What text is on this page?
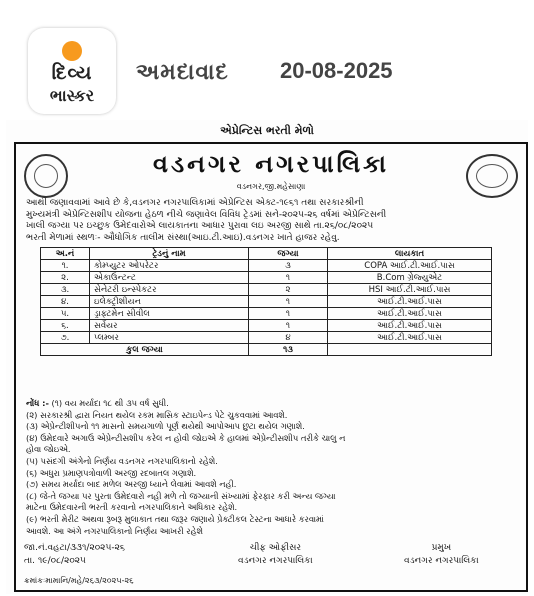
દિવ્ય
ભાસ્કર
અમદાવાદ 20-08-2025
એપ્રેન્ટિસ ભરતી મેળો
વડનગર નગરપાલિકા
વડનગર,જી.મહેસાણા

આથી જણાવવામાં આવે છે કે,વડનગર નગરપાલિકામાં એપ્રેન્ટિસ એક્ટ-૧૯૬૧ તથા સરકારશ્રીની

મુખ્યમંત્રી એપ્રેન્ટિસશીપ યોજના હેઠળ નીચે જણાવેલ વિવિધ ટ્રેડમાં સને-૨૦૨૫-૨૬ વર્ષમાં એપ્રેન્ટિસની

ખાલી જગ્યા પર ઇચ્છુક ઉમેદવારોએ લાયકાતના આધાર પુરાવા લઇ અરજી સાથે તા.૨૬/૦૮/૨૦૨૫

ભરતી મેળામાં સ્થળઃ- ઔધોગિક તાલીમ સંસ્થા(આઇ.ટી.આઇ).વડનગર ખાતે હાજર રહેવુ.

અ.નં	ટ્રેડનું નામ	જગ્યા	લાયકાત
૧.	કોમ્પ્યુટર ઓપરેટર	૩	COPA આઈ.ટી.આઈ.પાસ
૨.	એકાઉન્ટન્ટ	૧	B.Com ગ્રેજ્યુએટ
૩.	સેનેટરી ઇન્સ્પેકટર	૨	HSI આઈ.ટી.આઈ.પાસ
૪.	ઇલેક્ટ્રીશીયન	૧	આઈ.ટી.આઈ.પાસ
૫.	ડ્રાફ્ટમેન સીવીલ	૧	આઈ.ટી.આઈ.પાસ
૬.	સર્વેયર	૧	આઈ.ટી.આઈ.પાસ
૭.	પ્લમ્બર	૪	આઈ.ટી.આઈ.પાસ
કુલ જગ્યા		૧૩	
નોંધ :- (૧) વય મર્યાદા ૧૮ થી ૩૫ વર્ષ સુધી.
(૨) સરકારશ્રી દ્વારા નિયત થયેલ રકમ માસિક સ્ટાઇપેન્ડ પેટે ચુકવવામાં આવશે.
(૩) એપ્રેન્ટીશીપનો ૧૧ માસનો સમયગાળો પૂર્ણ થયેથી આપોઆપ છુટા થયેલ ગણાશે.
(૪) ઉમેદવારે અગાઉ એપ્રેન્ટીસશીપ કરેલ ન હોવી જોઇએ કે હાલમાં એપ્રેન્ટીસશીપ તરીકે ચાલુ ન
હોવા જોઇએ.
(૫) પસંદગી અંગેનો નિર્ણય વડનગર નગરપાલિકાનો રહેશે.
(૬) અધુરા પ્રમાણપત્રોવાળી અરજી રદબાતલ ગણાશે.
(૭) સમય મર્યાદા બાદ મળેલ અરજી ધ્યાને લેવામાં આવશે નહી.
(૮) જે-તે જગ્યા પર પુરતા ઉમેદવારો નહી મળે તો જગ્યાની સંખ્યામાં ફેરફાર કરી અન્ય જગ્યા
માટેના ઉમેદવારની ભરતી કરવાનો નગરપાલિકાને અધિકાર રહેશે.
(૯) ભરતી મેરીટ અથવા રૂબરૂ મુલાકાત તથા જરૂર જણાયે પ્રેક્ટીકલ ટેસ્ટના આધારે કરવામાં
આવશે. આ અંગે નગરપાલિકાનો નિર્ણય આખરી રહેશે
જા.નં.વહટા/૩૩૧/૨૦૨૫-૨૬
તા. ૧૯/૦૮/૨૦૨૫
ચીફ ઓફીસર
વડનગર નગરપાલિકા
પ્રમુખ
વડનગર નગરપાલિકા
ક્રમાંકઃમામાનિ/મહે/૨૬૩/૨૦૨૫-૨૬
